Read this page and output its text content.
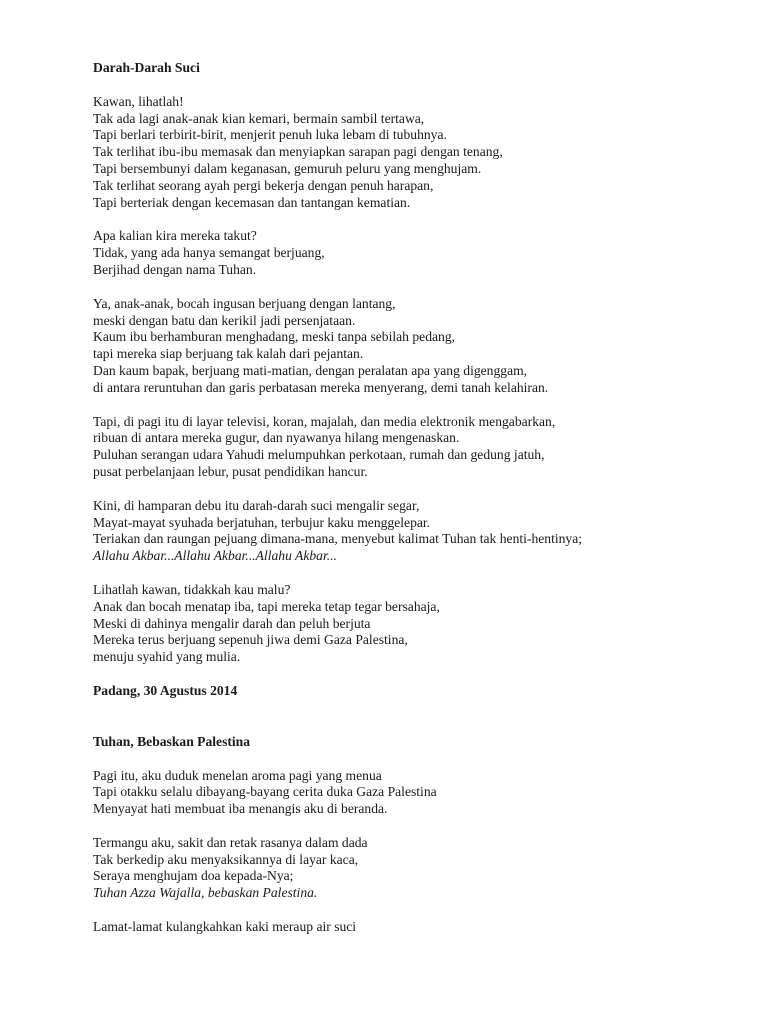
Darah-Darah Suci
Kawan, lihatlah!
Tak ada lagi anak-anak kian kemari, bermain sambil tertawa,
Tapi berlari terbirit-birit, menjerit penuh luka lebam di tubuhnya.
Tak terlihat ibu-ibu memasak dan menyiapkan sarapan pagi dengan tenang,
Tapi bersembunyi dalam keganasan, gemuruh peluru yang menghujam.
Tak terlihat seorang ayah pergi bekerja dengan penuh harapan,
Tapi berteriak dengan kecemasan dan tantangan kematian.
Apa kalian kira mereka takut?
Tidak, yang ada hanya semangat berjuang,
Berjihad dengan nama Tuhan.
Ya, anak-anak, bocah ingusan berjuang dengan lantang,
meski dengan batu dan kerikil jadi persenjataan.
Kaum ibu berhamburan menghadang, meski tanpa sebilah pedang,
tapi mereka siap berjuang tak kalah dari pejantan.
Dan kaum bapak, berjuang mati-matian, dengan peralatan apa yang digenggam,
di antara reruntuhan dan garis perbatasan mereka menyerang, demi tanah kelahiran.
Tapi, di pagi itu di layar televisi, koran, majalah, dan media elektronik mengabarkan,
ribuan di antara mereka gugur, dan nyawanya hilang mengenaskan.
Puluhan serangan udara Yahudi melumpuhkan perkotaan, rumah dan gedung jatuh,
pusat perbelanjaan lebur, pusat pendidikan hancur.
Kini, di hamparan debu itu darah-darah suci mengalir segar,
Mayat-mayat syuhada berjatuhan, terbujur kaku menggelepar.
Teriakan dan raungan pejuang dimana-mana, menyebut kalimat Tuhan tak henti-hentinya;
Allahu Akbar...Allahu Akbar...Allahu Akbar...
Lihatlah kawan, tidakkah kau malu?
Anak dan bocah menatap iba, tapi mereka tetap tegar bersahaja,
Meski di dahinya mengalir darah dan peluh berjuta
Mereka terus berjuang sepenuh jiwa demi Gaza Palestina,
menuju syahid yang mulia.
Padang, 30 Agustus 2014
Tuhan, Bebaskan Palestina
Pagi itu, aku duduk menelan aroma pagi yang menua
Tapi otakku selalu dibayang-bayang cerita duka Gaza Palestina
Menyayat hati membuat iba menangis aku di beranda.
Termangu aku, sakit dan retak rasanya dalam dada
Tak berkedip aku menyaksikannya di layar kaca,
Seraya menghujam doa kepada-Nya;
Tuhan Azza Wajalla, bebaskan Palestina.
Lamat-lamat kulangkahkan kaki meraup air suci
